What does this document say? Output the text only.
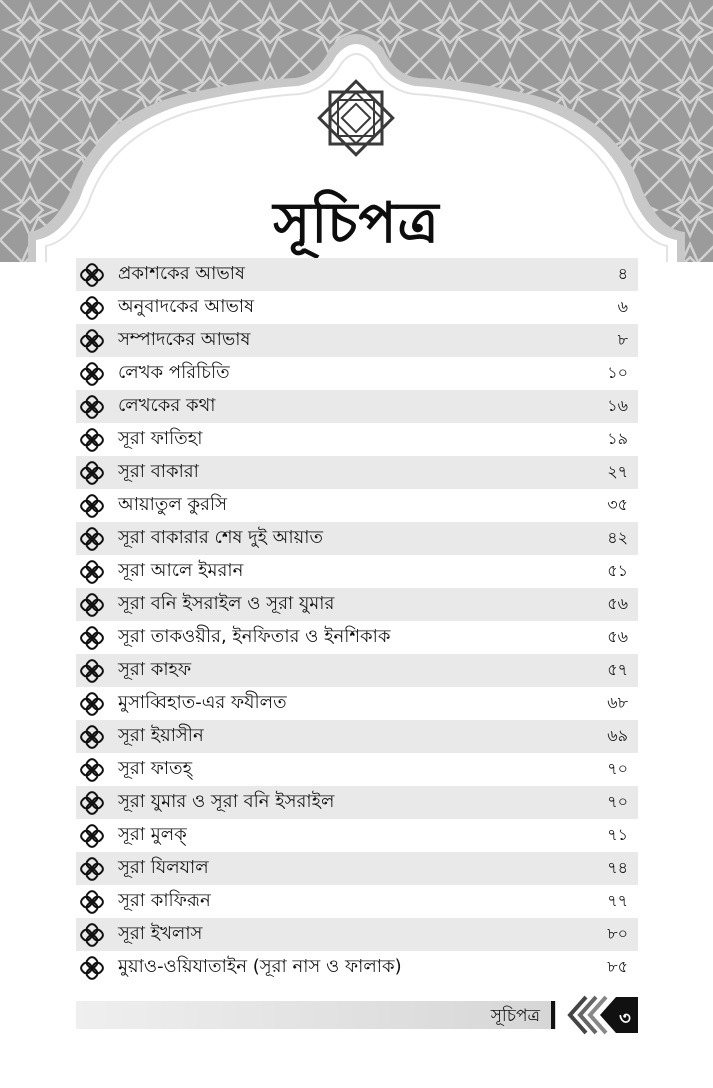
সূচিপত্র
প্রকাশকের আভাষ	৪
অনুবাদকের আভাষ	৬
সম্পাদকের আভাষ	৮
লেখক পরিচিতি	১০
লেখকের কথা	১৬
সূরা ফাতিহা	১৯
সূরা বাকারা	২৭
আয়াতুল কুরসি	৩৫
সূরা বাকারার শেষ দুই আয়াত	৪২
সূরা আলে ইমরান	৫১
সূরা বনি ইসরাইল ও সূরা যুমার	৫৬
সূরা তাকওয়ীর, ইনফিতার ও ইনশিকাক	৫৬
সূরা কাহফ	৫৭
মুসাব্বিহাত-এর ফযীলত	৬৮
সূরা ইয়াসীন	৬৯
সূরা ফাতহ্	৭০
সূরা যুমার ও সূরা বনি ইসরাইল	৭০
সূরা মুলক্	৭১
সূরা যিলযাল	৭৪
সূরা কাফিরূন	৭৭
সূরা ইখলাস	৮০
মুয়াও-ওয়িযাতাইন (সূরা নাস ও ফালাক)	৮৫
সূচিপত্র	৩
